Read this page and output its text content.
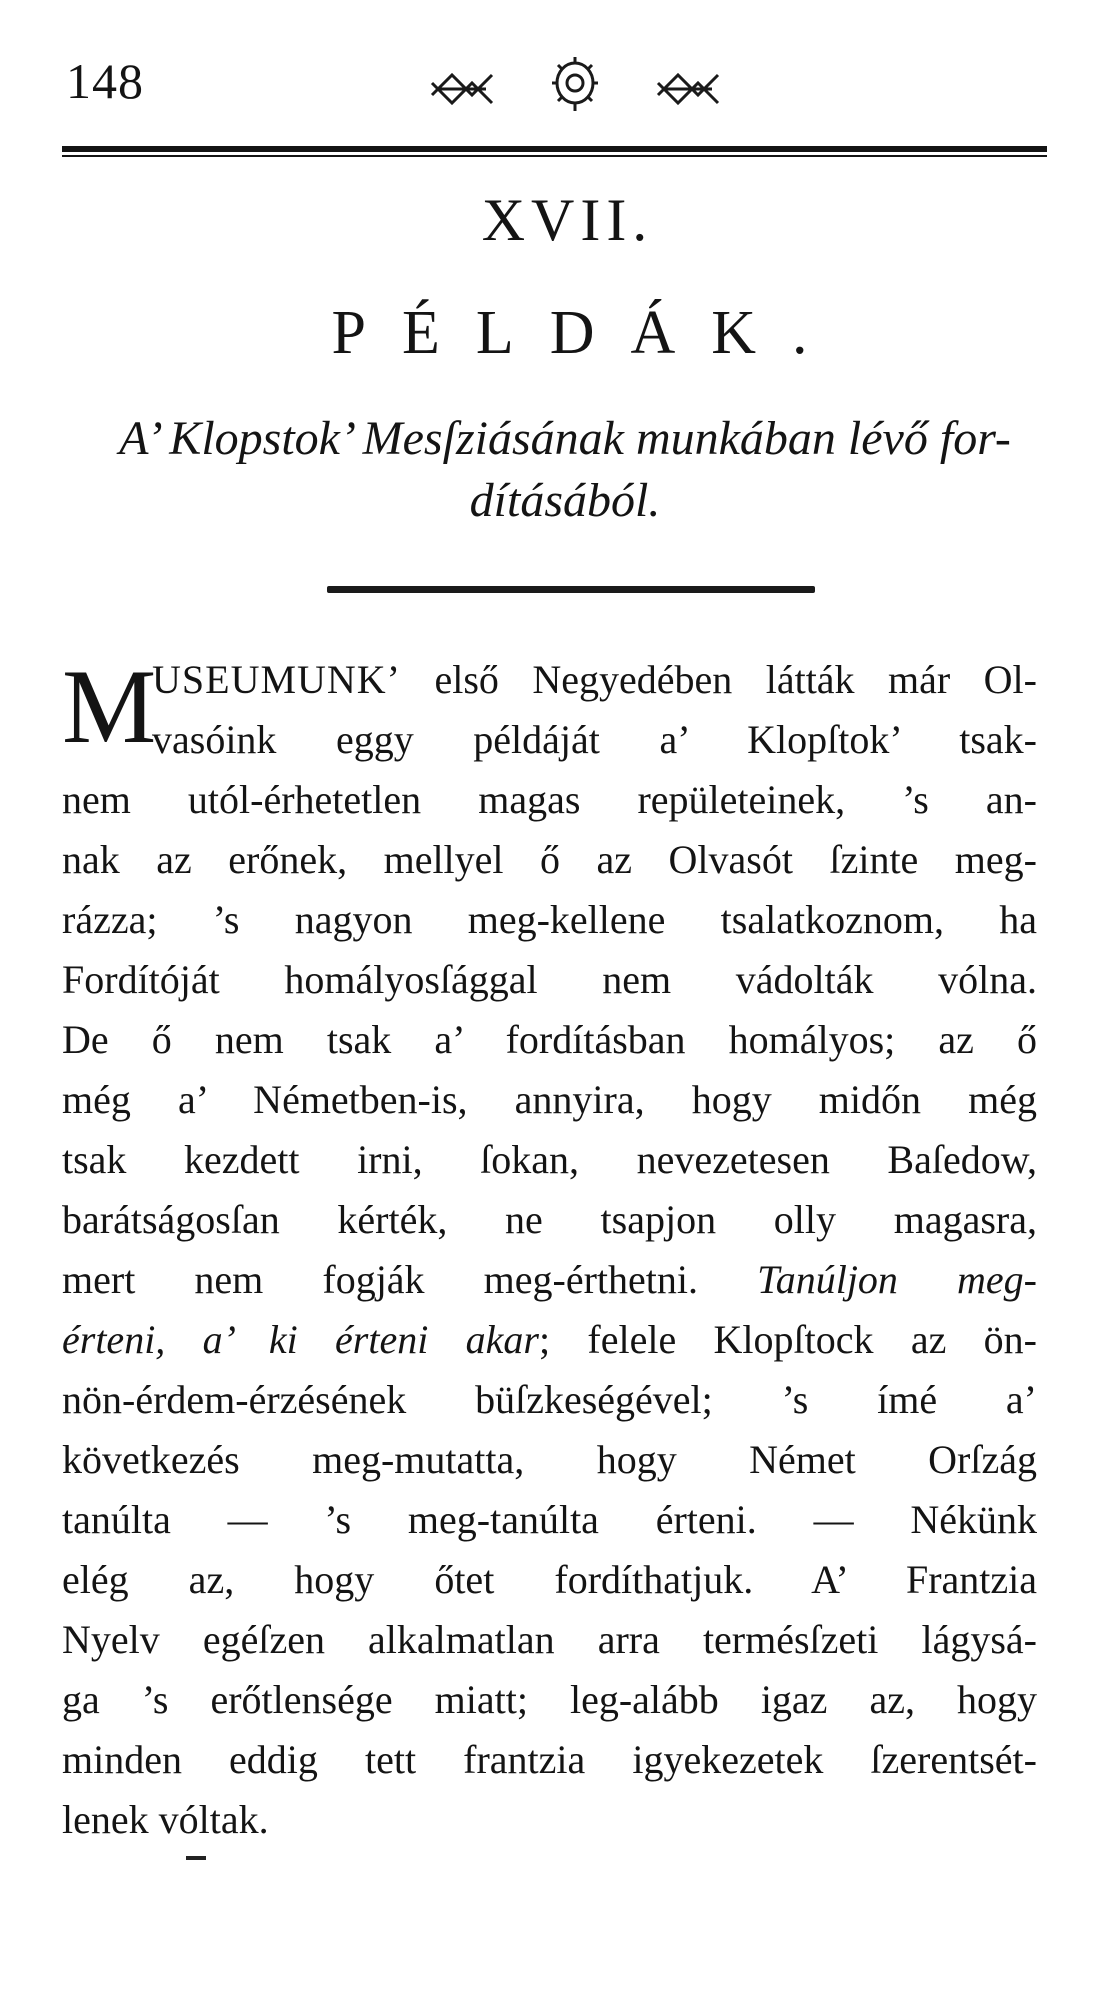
148
XVII.
PÉLDÁK.
A’ Klopstok’ Mesſziásának munkában lévő for-
dításából.
M
USEUMUNK’ első Negyedében látták már Ol-
vasóink eggy példáját a’ Klopſtok’ tsak-
nem utól-érhetetlen magas repületeinek, ’s an-
nak az erőnek, mellyel ő az Olvasót ſzinte meg-
rázza; ’s nagyon meg-kellene tsalatkoznom, ha
Fordítóját homályosſággal nem vádolták vólna.
De ő nem tsak a’ fordításban homályos; az ő
még a’ Németben-is, annyira, hogy midőn még
tsak kezdett irni, ſokan, nevezetesen Baſedow,
barátságosſan kérték, ne tsapjon olly magasra,
mert nem fogják meg-érthetni. Tanúljon meg-
érteni, a’ ki érteni akar; felele Klopſtock az ön-
nön-érdem-érzésének büſzkeségével; ’s ímé a’
következés meg-mutatta, hogy Német Orſzág
tanúlta — ’s meg-tanúlta érteni. — Nékünk
elég az, hogy őtet fordíthatjuk. A’ Frantzia
Nyelv egéſzen alkalmatlan arra termésſzeti lágysá-
ga ’s erőtlensége miatt; leg-alább igaz az, hogy
minden eddig tett frantzia igyekezetek ſzerentsét-
lenek vóltak.
